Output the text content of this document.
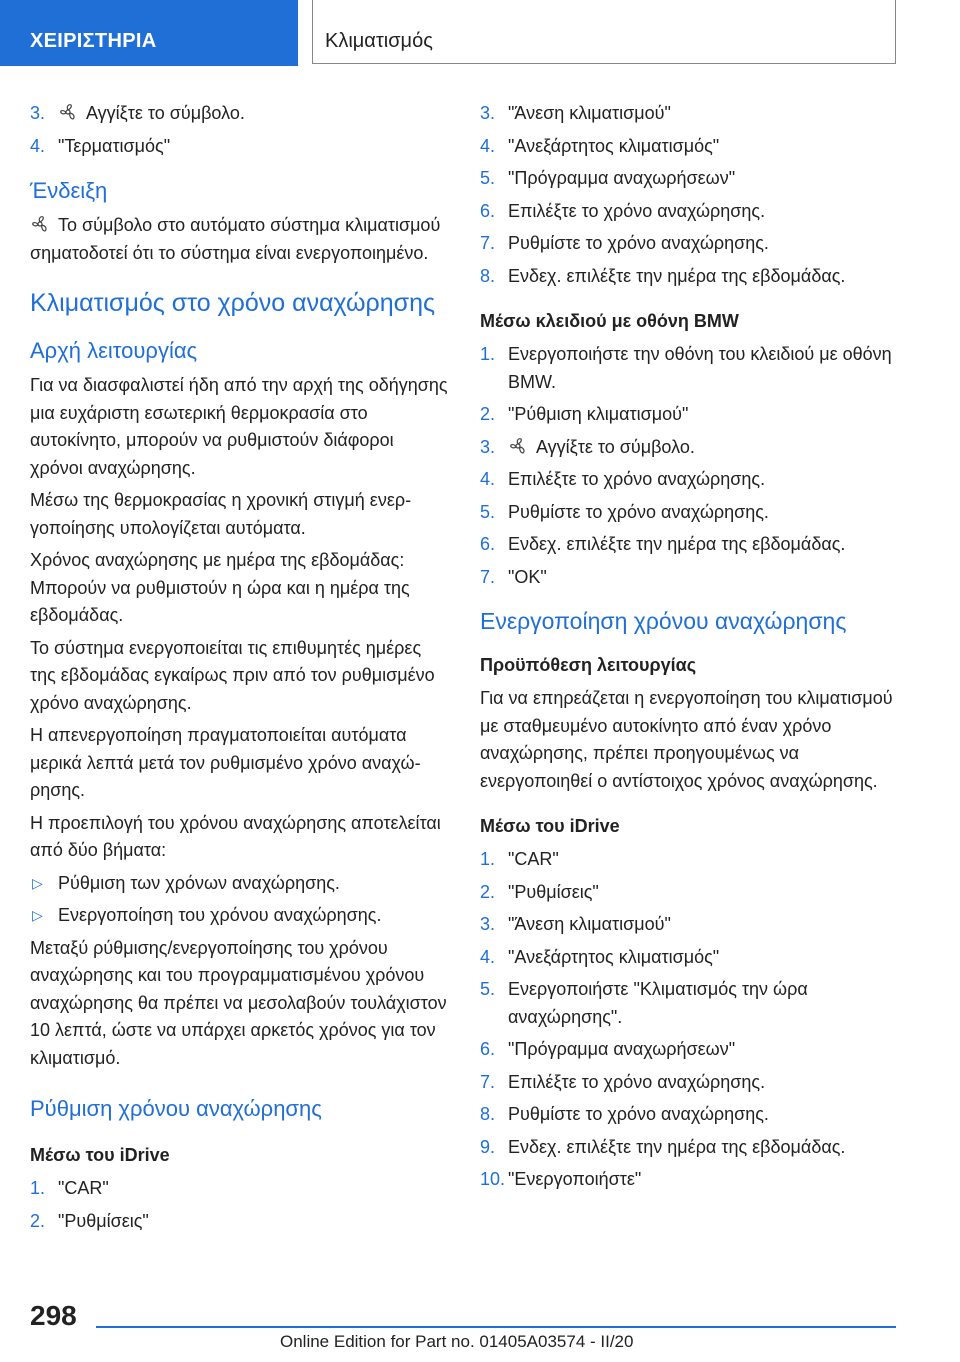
ΧΕΙΡΙΣΤΗΡΙΑ	Κλιματισμός
3.	Αγγίξτε το σύμβολο.
4. "Τερματισμός"
Ένδειξη

Το σύμβολο στο αυτόματο σύστημα κλιματισμού σηματοδοτεί ότι το σύστημα είναι ενεργοποιημένο.

Κλιματισμός στο χρόνο αναχώρησης
Αρχή λειτουργίας

Για να διασφαλιστεί ήδη από την αρχή της οδήγησης μια ευχάριστη εσωτερική θερμοκρασία στο αυτοκίνητο, μπορούν να ρυθμιστούν διάφοροι χρόνοι αναχώρησης.

Μέσω της θερμοκρασίας η χρονική στιγμή ενεργοποίησης υπολογίζεται αυτόματα.

Χρόνος αναχώρησης με ημέρα της εβδομάδας: Μπορούν να ρυθμιστούν η ώρα και η ημέρα της εβδομάδας.

Το σύστημα ενεργοποιείται τις επιθυμητές ημέρες της εβδομάδας εγκαίρως πριν από τον ρυθμισμένο χρόνο αναχώρησης.

Η απενεργοποίηση πραγματοποιείται αυτόματα μερικά λεπτά μετά τον ρυθμισμένο χρόνο αναχώρησης.

Η προεπιλογή του χρόνου αναχώρησης αποτελείται από δύο βήματα:

▷ Ρύθμιση των χρόνων αναχώρησης.
▷ Ενεργοποίηση του χρόνου αναχώρησης.

Μεταξύ ρύθμισης/ενεργοποίησης του χρόνου αναχώρησης και του προγραμματισμένου χρόνου αναχώρησης θα πρέπει να μεσολαβούν τουλάχιστον 10 λεπτά, ώστε να υπάρχει αρκετός χρόνος για τον κλιματισμό.

Ρύθμιση χρόνου αναχώρησης
Μέσω του iDrive
1. "CAR"
2. "Ρυθμίσεις"
3. "Άνεση κλιματισμού"
4. "Ανεξάρτητος κλιματισμός"
5. "Πρόγραμμα αναχωρήσεων"
6. Επιλέξτε το χρόνο αναχώρησης.
7. Ρυθμίστε το χρόνο αναχώρησης.
8. Ενδεχ. επιλέξτε την ημέρα της εβδομάδας.
Μέσω κλειδιού με οθόνη BMW
1. Ενεργοποιήστε την οθόνη του κλειδιού με οθόνη BMW.
2. "Ρύθμιση κλιματισμού"
3.	Αγγίξτε το σύμβολο.
4. Επιλέξτε το χρόνο αναχώρησης.
5. Ρυθμίστε το χρόνο αναχώρησης.
6. Ενδεχ. επιλέξτε την ημέρα της εβδομάδας.
7. "OK"
Ενεργοποίηση χρόνου αναχώρησης
Προϋπόθεση λειτουργίας

Για να επηρεάζεται η ενεργοποίηση του κλιματισμού με σταθμευμένο αυτοκίνητο από έναν χρόνο αναχώρησης, πρέπει προηγουμένως να ενεργοποιηθεί ο αντίστοιχος χρόνος αναχώρησης.

Μέσω του iDrive
1. "CAR"
2. "Ρυθμίσεις"
3. "Άνεση κλιματισμού"
4. "Ανεξάρτητος κλιματισμός"
5. Ενεργοποιήστε "Κλιματισμός την ώρα αναχώρησης".
6. "Πρόγραμμα αναχωρήσεων"
7. Επιλέξτε το χρόνο αναχώρησης.
8. Ρυθμίστε το χρόνο αναχώρησης.
9. Ενδεχ. επιλέξτε την ημέρα της εβδομάδας.
10. "Ενεργοποιήστε"
298
Online Edition for Part no. 01405A03574 - II/20
